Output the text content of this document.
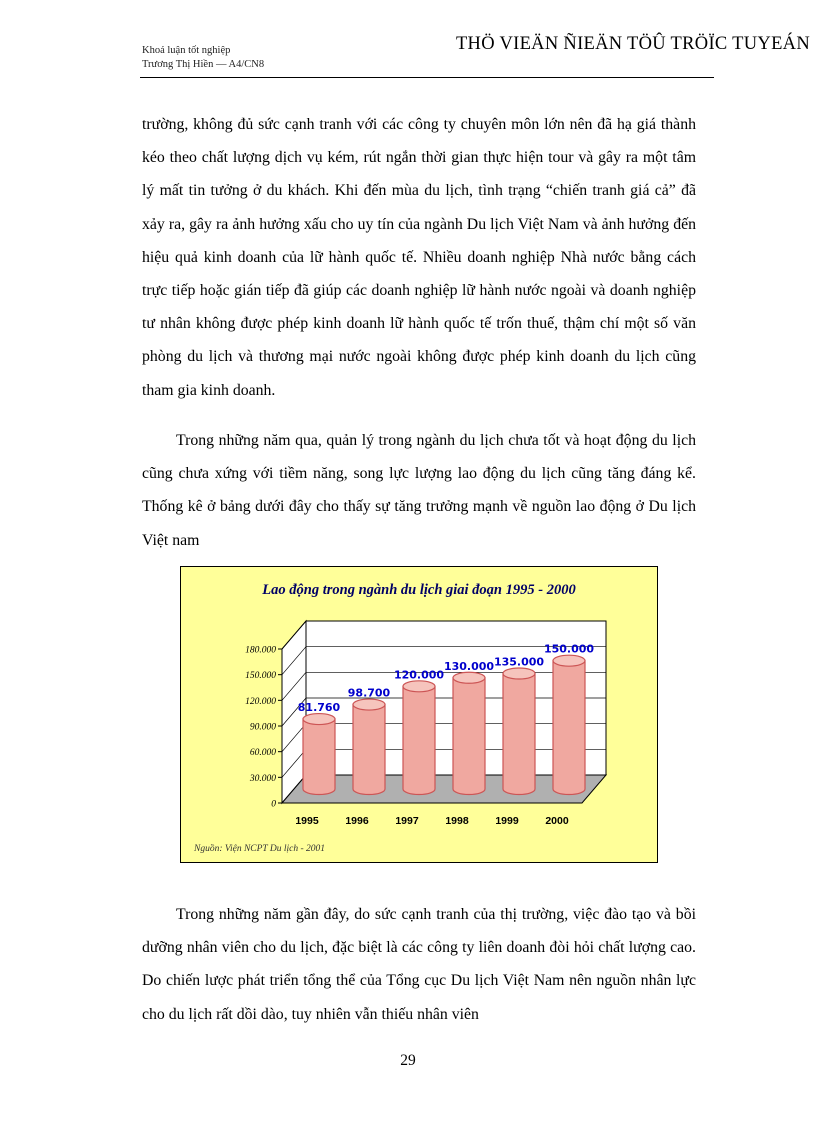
Khoá luận tốt nghiệp
Trương Thị Hiền — A4/CN8
THÖ VIEÄN ÑIEÄN TÖÛ TRÖÏC TUYEÁN

trường, không đủ sức cạnh tranh với các công ty chuyên môn lớn nên đã hạ giá thành kéo theo chất lượng dịch vụ kém, rút ngắn thời gian thực hiện tour và gây ra một tâm lý mất tin tưởng ở du khách. Khi đến mùa du lịch, tình trạng “chiến tranh giá cả” đã xảy ra, gây ra ảnh hưởng xấu cho uy tín của ngành Du lịch Việt Nam và ảnh hưởng đến hiệu quả kinh doanh của lữ hành quốc tế. Nhiều doanh nghiệp Nhà nước bằng cách trực tiếp hoặc gián tiếp đã giúp các doanh nghiệp lữ hành nước ngoài và doanh nghiệp tư nhân không được phép kinh doanh lữ hành quốc tế trốn thuế, thậm chí một số văn phòng du lịch và thương mại nước ngoài không được phép kinh doanh du lịch cũng tham gia kinh doanh.

Trong những năm qua, quản lý trong ngành du lịch chưa tốt và hoạt động du lịch cũng chưa xứng với tiềm năng, song lực lượng lao động du lịch cũng tăng đáng kể. Thống kê ở bảng dưới đây cho thấy sự tăng trưởng mạnh về nguồn lao động ở Du lịch Việt nam

Lao động trong ngành du lịch giai đoạn 1995 - 2000
0
30.000
60.000
90.000
120.000
150.000
180.000
81.760
1995
98.700
1996
120.000
1997
130.000
1998
135.000
1999
150.000
2000
Nguồn: Viện NCPT Du lịch - 2001

Trong những năm gần đây, do sức cạnh tranh của thị trường, việc đào tạo và bồi dưỡng nhân viên cho du lịch, đặc biệt là các công ty liên doanh đòi hỏi chất lượng cao. Do chiến lược phát triển tổng thể của Tổng cục Du lịch Việt Nam nên nguồn nhân lực cho du lịch rất dồi dào, tuy nhiên vẫn thiếu nhân viên

29
